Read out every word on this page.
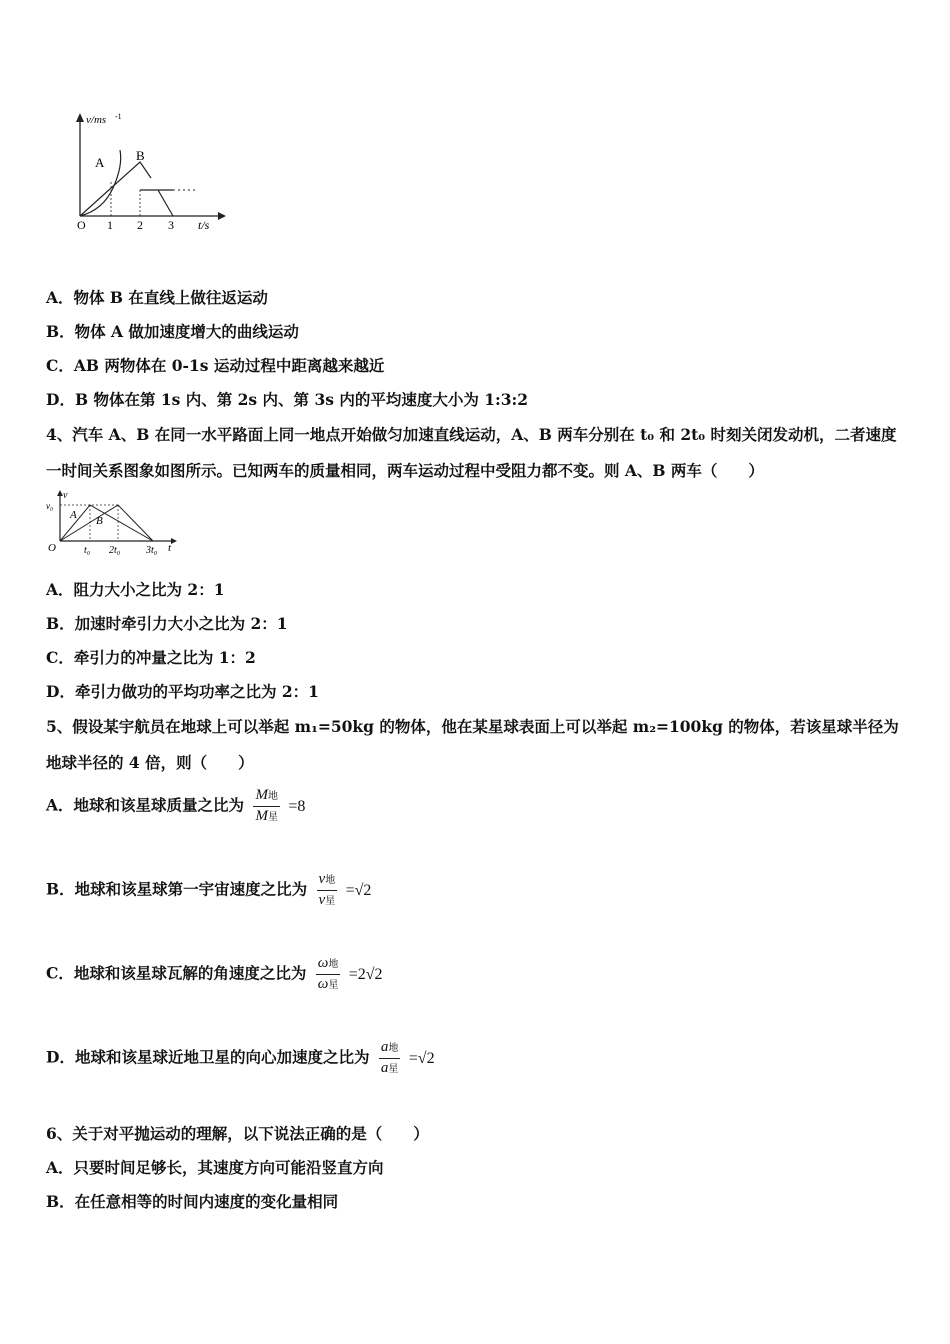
v/ms -1
A B
O 1 2 3 t/s
A．物体 B 在直线上做往返运动
B．物体 A 做加速度增大的曲线运动
C．AB 两物体在 0-1s 运动过程中距离越来越近
D．B 物体在第 1s 内、第 2s 内、第 3s 内的平均速度大小为 1:3:2
4、汽车 A、B 在同一水平路面上同一地点开始做匀加速直线运动，A、B 两车分别在 t₀ 和 2t₀ 时刻关闭发动机，二者速度
一时间关系图象如图所示。已知两车的质量相同，两车运动过程中受阻力都不变。则 A、B 两车（　　）
v
v₀
A B
O	t₀ 2t₀	3t₀ t
A．阻力大小之比为 2：1
B．加速时牵引力大小之比为 2：1
C．牵引力的冲量之比为 1：2
D．牵引力做功的平均功率之比为 2：1
5、假设某宇航员在地球上可以举起 m₁=50kg 的物体，他在某星球表面上可以举起 m₂=100kg 的物体，若该星球半径为
地球半径的 4 倍，则（　　）
A．地球和该星球质量之比为 $\frac{\text{M地}}{\text{M星}} =8$
B．地球和该星球第一宇宙速度之比为 $\frac{\text{v地}}{\text{v星}} =√2$
C．地球和该星球瓦解的角速度之比为 $\frac{\text{ω地}}{\text{ω星}} =2√2$
D．地球和该星球近地卫星的向心加速度之比为 $\frac{\text{a地}}{\text{a星}} =√2$
6、关于对平抛运动的理解，以下说法正确的是（　　）
A．只要时间足够长，其速度方向可能沿竖直方向
B．在任意相等的时间内速度的变化量相同
